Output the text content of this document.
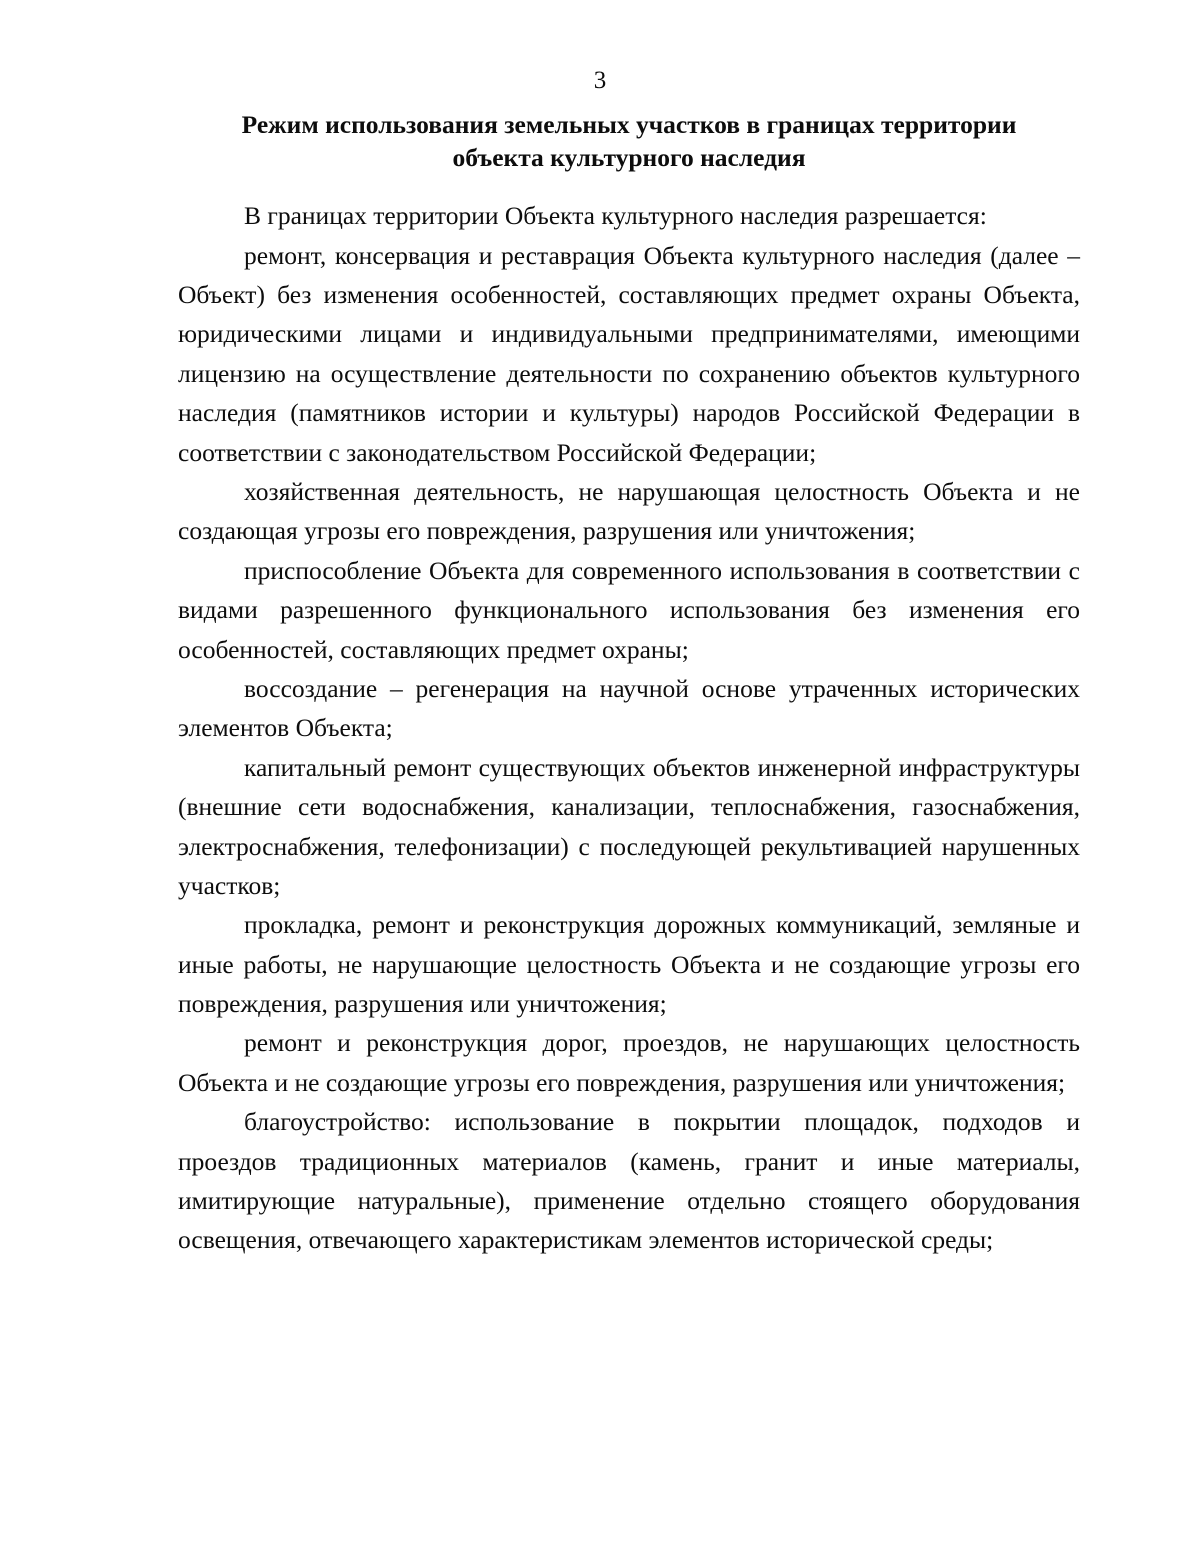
3
Режим использования земельных участков в границах территории
объекта культурного наследия

В границах территории Объекта культурного наследия разрешается:

ремонт, консервация и реставрация Объекта культурного наследия (далее – Объект) без изменения особенностей, составляющих предмет охраны Объекта, юридическими лицами и индивидуальными предпринимателями, имеющими лицензию на осуществление деятельности по сохранению объектов культурного наследия (памятников истории и культуры) народов Российской Федерации в соответствии с законодательством Российской Федерации;

хозяйственная деятельность, не нарушающая целостность Объекта и не создающая угрозы его повреждения, разрушения или уничтожения;

приспособление Объекта для современного использования в соответствии с видами разрешенного функционального использования без изменения его особенностей, составляющих предмет охраны;

воссоздание – регенерация на научной основе утраченных исторических элементов Объекта;

капитальный ремонт существующих объектов инженерной инфраструктуры (внешние сети водоснабжения, канализации, теплоснабжения, газоснабжения, электроснабжения, телефонизации) с последующей рекультивацией нарушенных участков;

прокладка, ремонт и реконструкция дорожных коммуникаций, земляные и иные работы, не нарушающие целостность Объекта и не создающие угрозы его повреждения, разрушения или уничтожения;

ремонт и реконструкция дорог, проездов, не нарушающих целостность Объекта и не создающие угрозы его повреждения, разрушения или уничтожения;

благоустройство: использование в покрытии площадок, подходов и проездов традиционных материалов (камень, гранит и иные материалы, имитирующие натуральные), применение отдельно стоящего оборудования освещения, отвечающего характеристикам элементов исторической среды;
